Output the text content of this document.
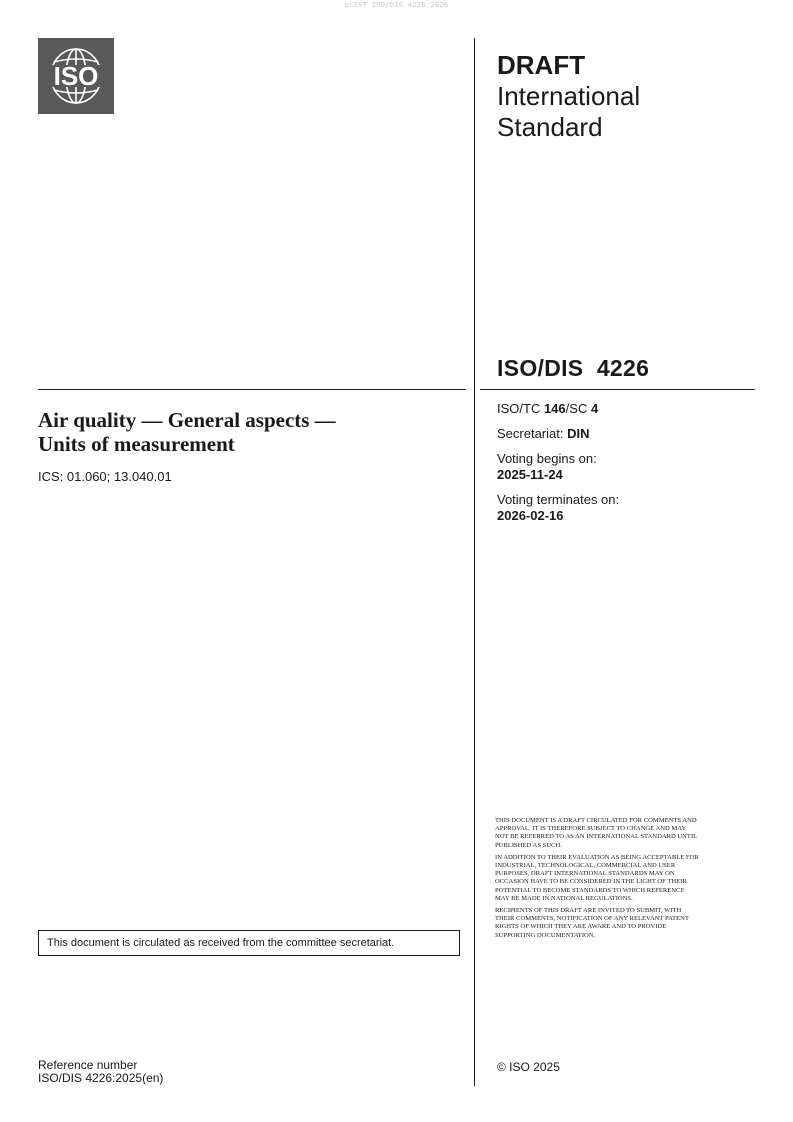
oSIST ISO/DIS 4226:2026
ISO	DRAFT
International
Standard
ISO/DIS  4226
Air quality — General aspects —
Units of measurement
ICS: 01.060; 13.040.01
ISO/TC 146/SC 4
Secretariat: DIN
Voting begins on:
2025-11-24
Voting terminates on:
2026-02-16

THIS DOCUMENT IS A DRAFT CIRCULATED FOR COMMENTS AND APPROVAL. IT IS THEREFORE SUBJECT TO CHANGE AND MAY NOT BE REFERRED TO AS AN INTERNATIONAL STANDARD UNTIL PUBLISHED AS SUCH.

IN ADDITION TO THEIR EVALUATION AS BEING ACCEPTABLE FOR INDUSTRIAL, TECHNOLOGICAL, COMMERCIAL AND USER PURPOSES, DRAFT INTERNATIONAL STANDARDS MAY ON OCCASION HAVE TO BE CONSIDERED IN THE LIGHT OF THEIR POTENTIAL TO BECOME STANDARDS TO WHICH REFERENCE MAY BE MADE IN NATIONAL REGULATIONS.

RECIPIENTS OF THIS DRAFT ARE INVITED TO SUBMIT, WITH THEIR COMMENTS, NOTIFICATION OF ANY RELEVANT PATENT RIGHTS OF WHICH THEY ARE AWARE AND TO PROVIDE SUPPORTING DOCUMENTATION.

This document is circulated as received from the committee secretariat.
© ISO 2025
Reference number
ISO/DIS 4226:2025(en)
